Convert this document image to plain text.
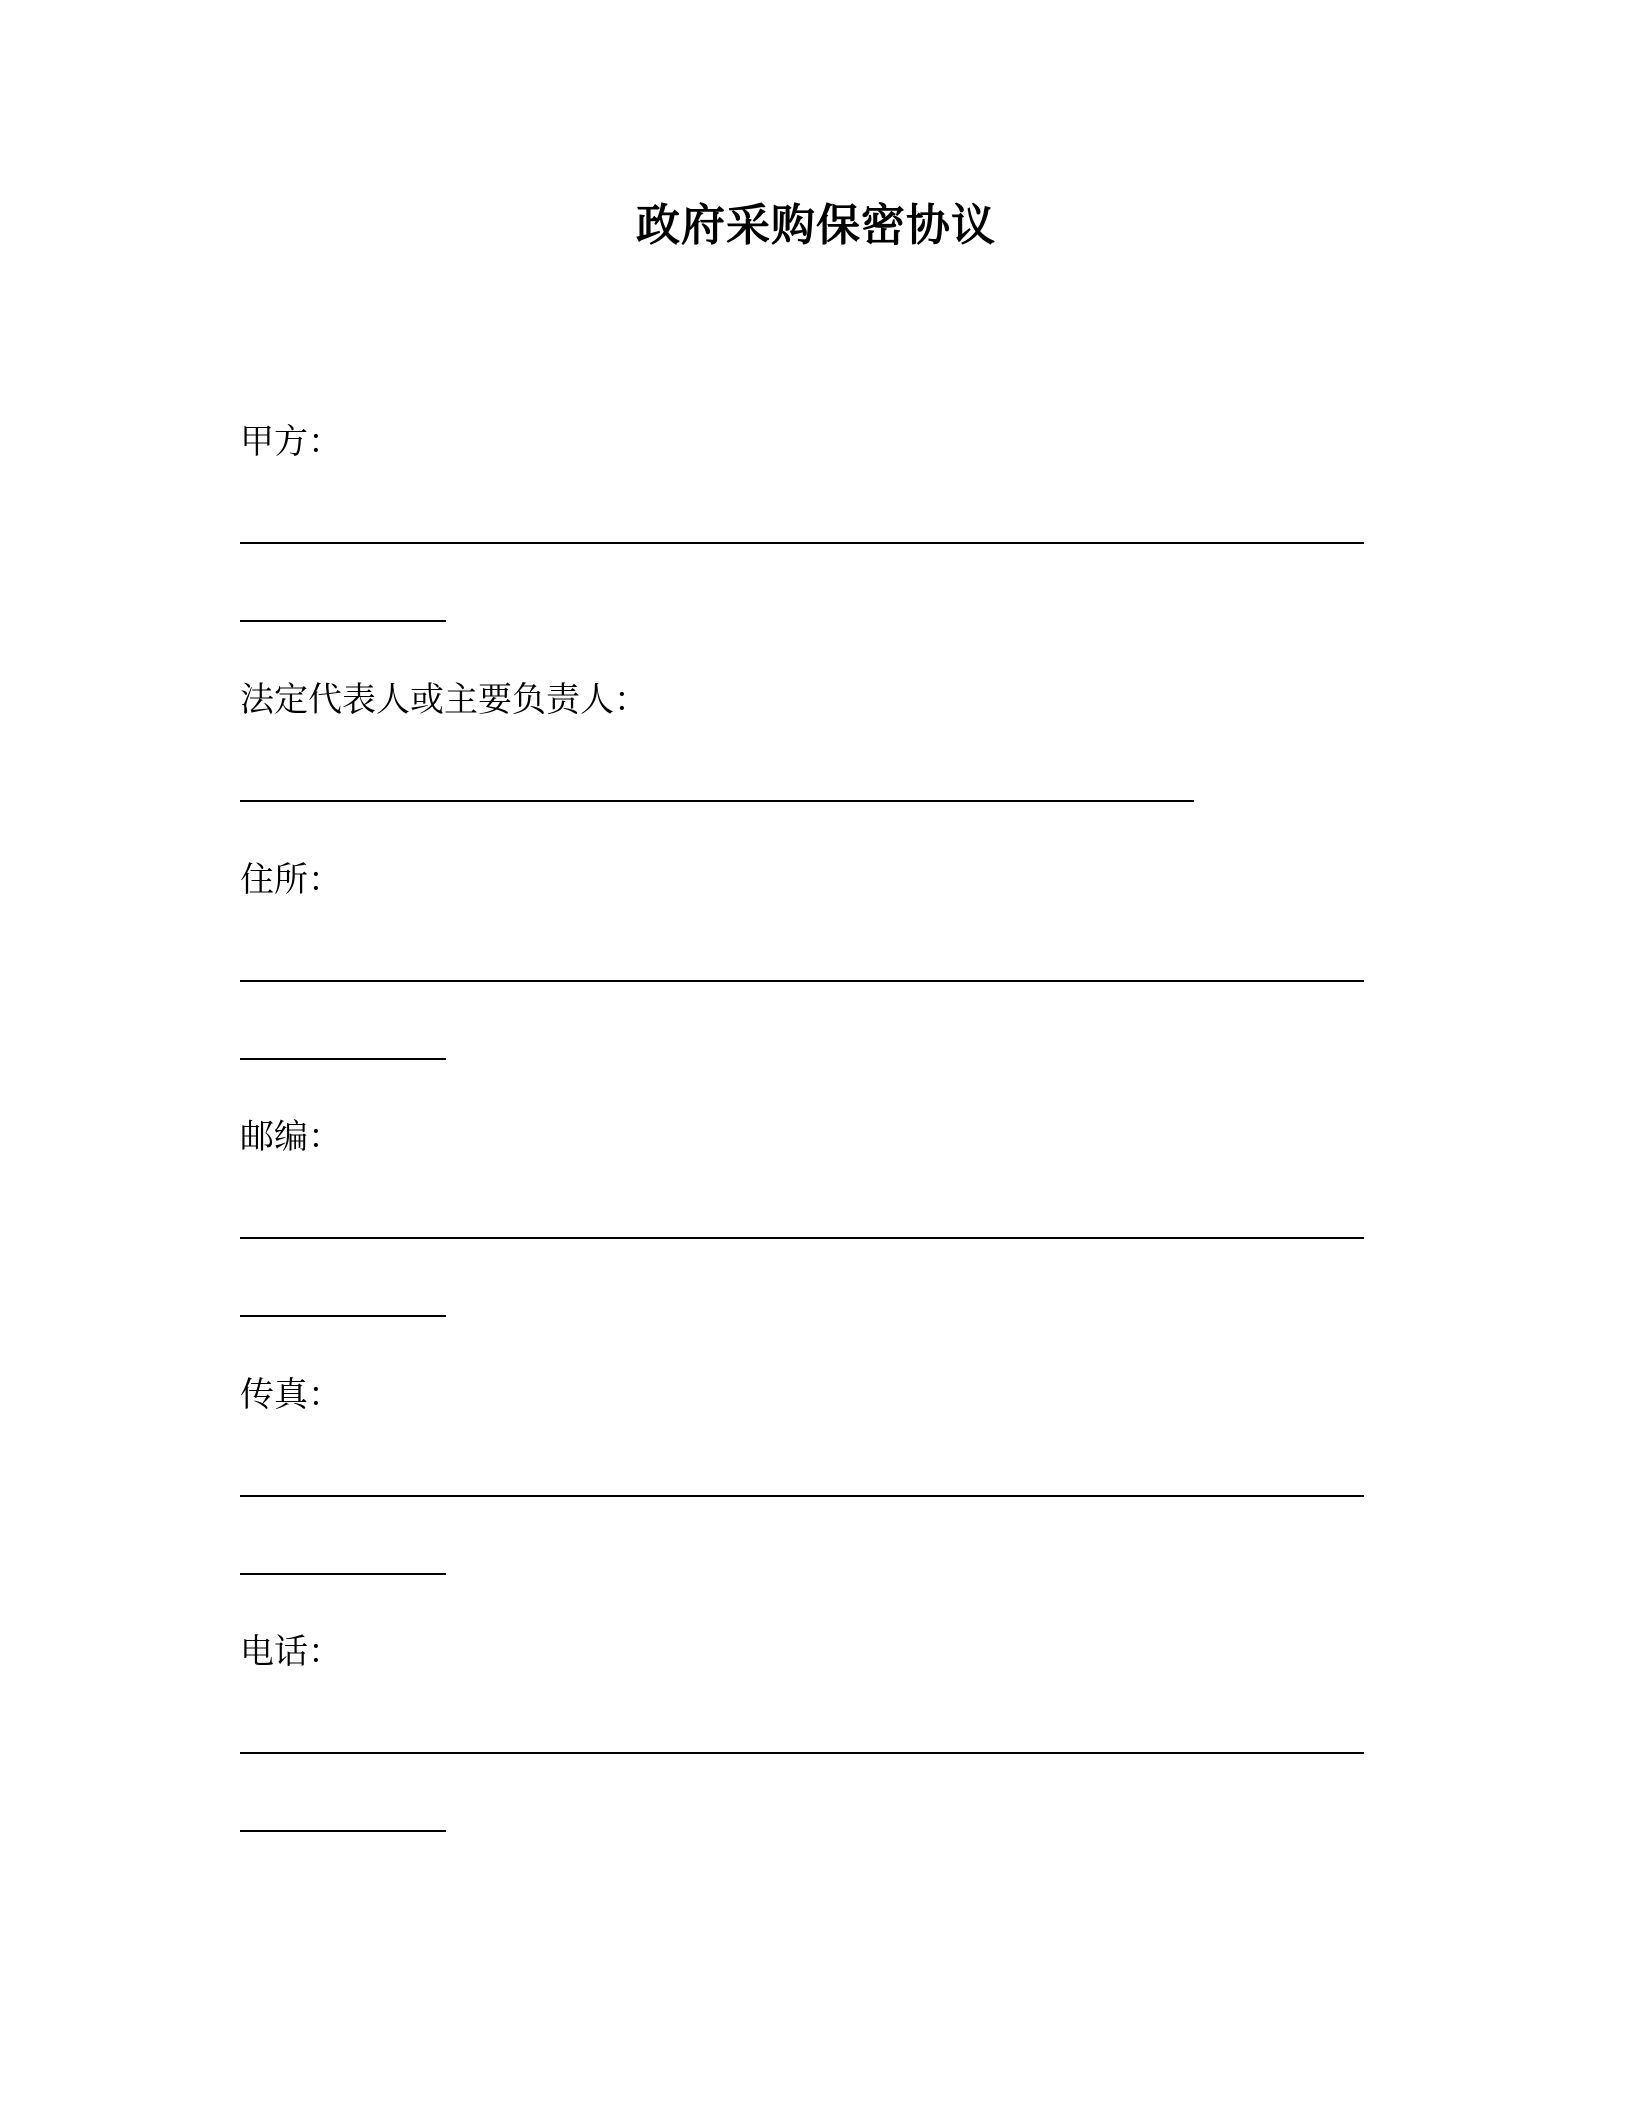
政府采购保密协议
甲方：
法定代表人或主要负责人：
住所：
邮编：
传真：
电话：
